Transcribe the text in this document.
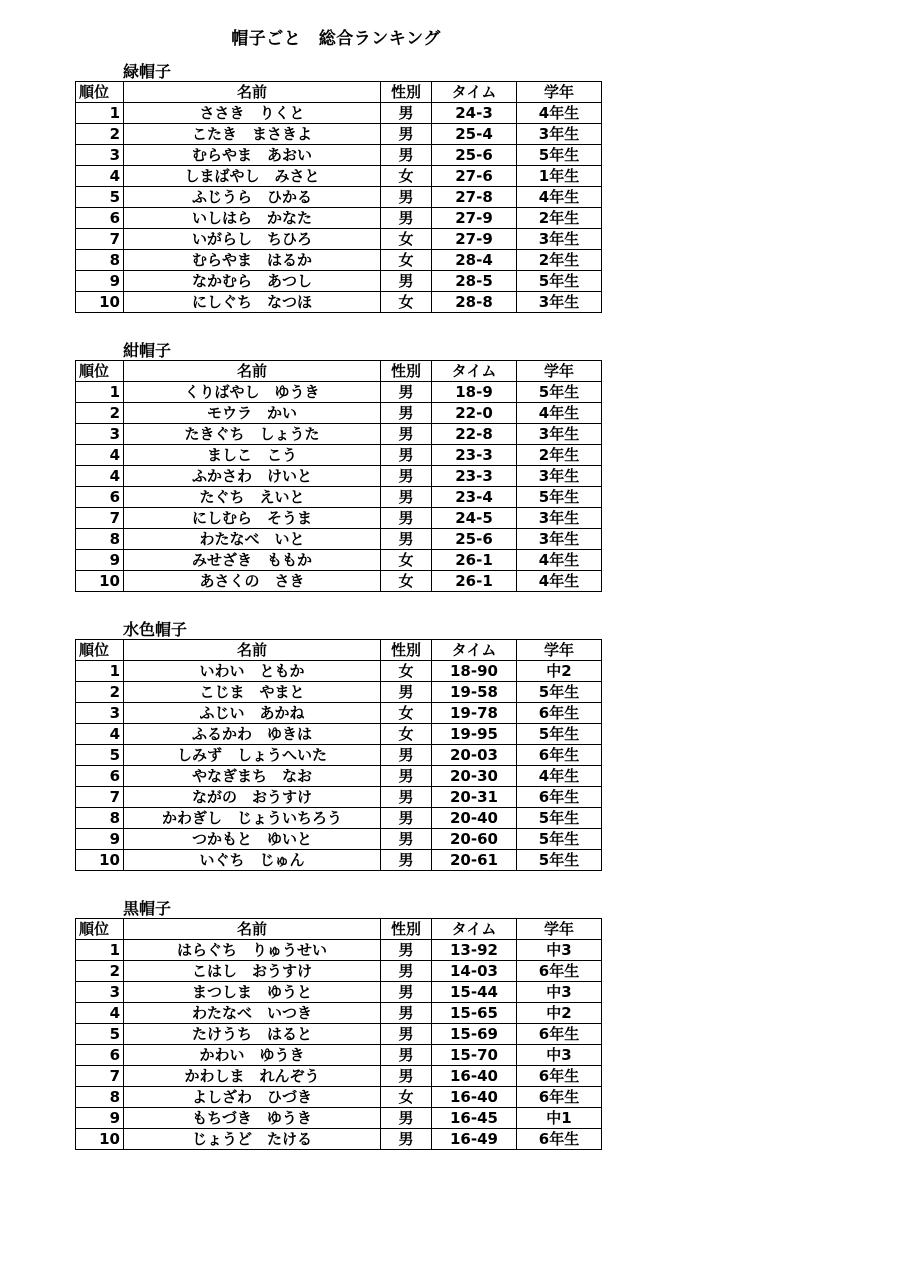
帽子ごと　総合ランキング
緑帽子
順位	名前	性別	タイム	学年
1	ささき　りくと	男	24-3	4年生
2	こたき　まさきよ	男	25-4	3年生
3	むらやま　あおい	男	25-6	5年生
4	しまばやし　みさと	女	27-6	1年生
5	ふじうら　ひかる	男	27-8	4年生
6	いしはら　かなた	男	27-9	2年生
7	いがらし　ちひろ	女	27-9	3年生
8	むらやま　はるか	女	28-4	2年生
9	なかむら　あつし	男	28-5	5年生
10	にしぐち　なつほ	女	28-8	3年生
紺帽子
順位	名前	性別	タイム	学年
1	くりばやし　ゆうき	男	18-9	5年生
2	モウラ　かい	男	22-0	4年生
3	たきぐち　しょうた	男	22-8	3年生
4	ましこ　こう	男	23-3	2年生
4	ふかさわ　けいと	男	23-3	3年生
6	たぐち　えいと	男	23-4	5年生
7	にしむら　そうま	男	24-5	3年生
8	わたなべ　いと	男	25-6	3年生
9	みせざき　ももか	女	26-1	4年生
10	あさくの　さき	女	26-1	4年生
水色帽子
順位	名前	性別	タイム	学年
1	いわい　ともか	女	18-90	中2
2	こじま　やまと	男	19-58	5年生
3	ふじい　あかね	女	19-78	6年生
4	ふるかわ　ゆきは	女	19-95	5年生
5	しみず　しょうへいた	男	20-03	6年生
6	やなぎまち　なお	男	20-30	4年生
7	ながの　おうすけ	男	20-31	6年生
8	かわぎし　じょういちろう	男	20-40	5年生
9	つかもと　ゆいと	男	20-60	5年生
10	いぐち　じゅん	男	20-61	5年生
黒帽子
順位	名前	性別	タイム	学年
1	はらぐち　りゅうせい	男	13-92	中3
2	こはし　おうすけ	男	14-03	6年生
3	まつしま　ゆうと	男	15-44	中3
4	わたなべ　いつき	男	15-65	中2
5	たけうち　はると	男	15-69	6年生
6	かわい　ゆうき	男	15-70	中3
7	かわしま　れんぞう	男	16-40	6年生
8	よしざわ　ひづき	女	16-40	6年生
9	もちづき　ゆうき	男	16-45	中1
10	じょうど　たける	男	16-49	6年生
